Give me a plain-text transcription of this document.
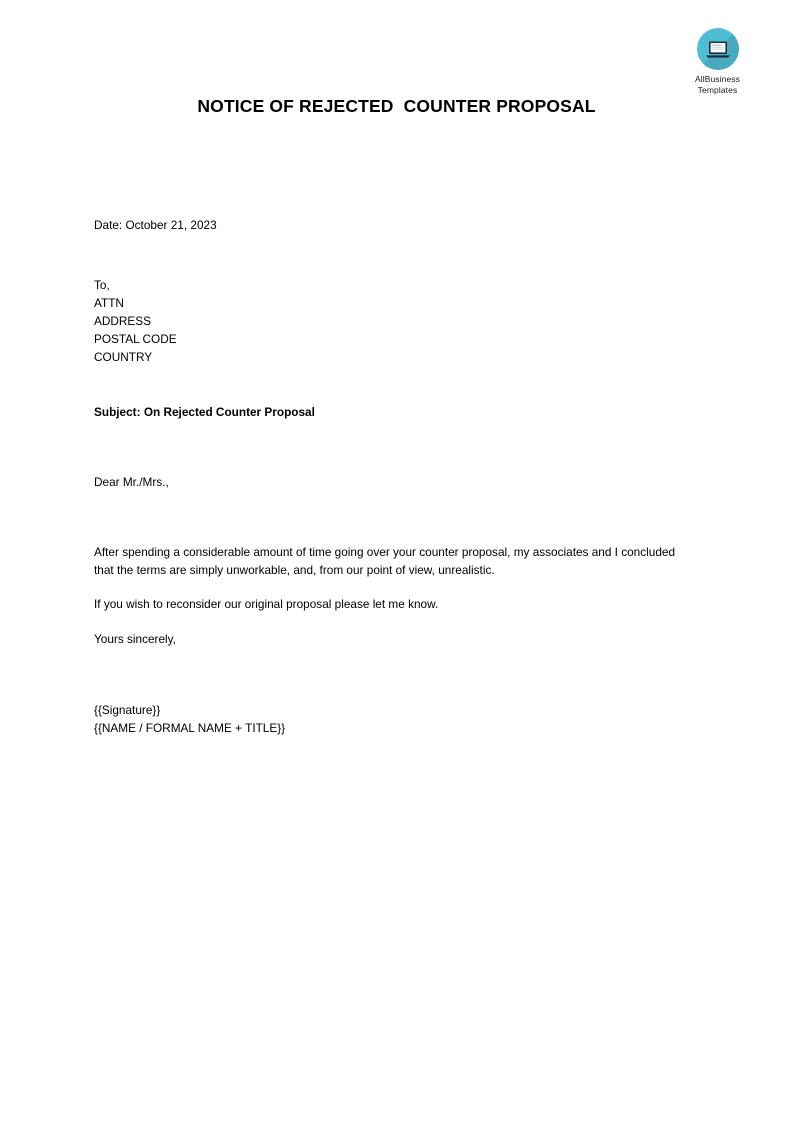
AllBusiness
Templates
NOTICE OF REJECTED  COUNTER PROPOSAL
Date: October 21, 2023
To,
ATTN
ADDRESS
POSTAL CODE
COUNTRY
Subject: On Rejected Counter Proposal
Dear Mr./Mrs.,
After spending a considerable amount of time going over your counter proposal, my associates and I concluded that the terms are simply unworkable, and, from our point of view, unrealistic.
If you wish to reconsider our original proposal please let me know.
Yours sincerely,
{{Signature}}
{{NAME / FORMAL NAME + TITLE}}
